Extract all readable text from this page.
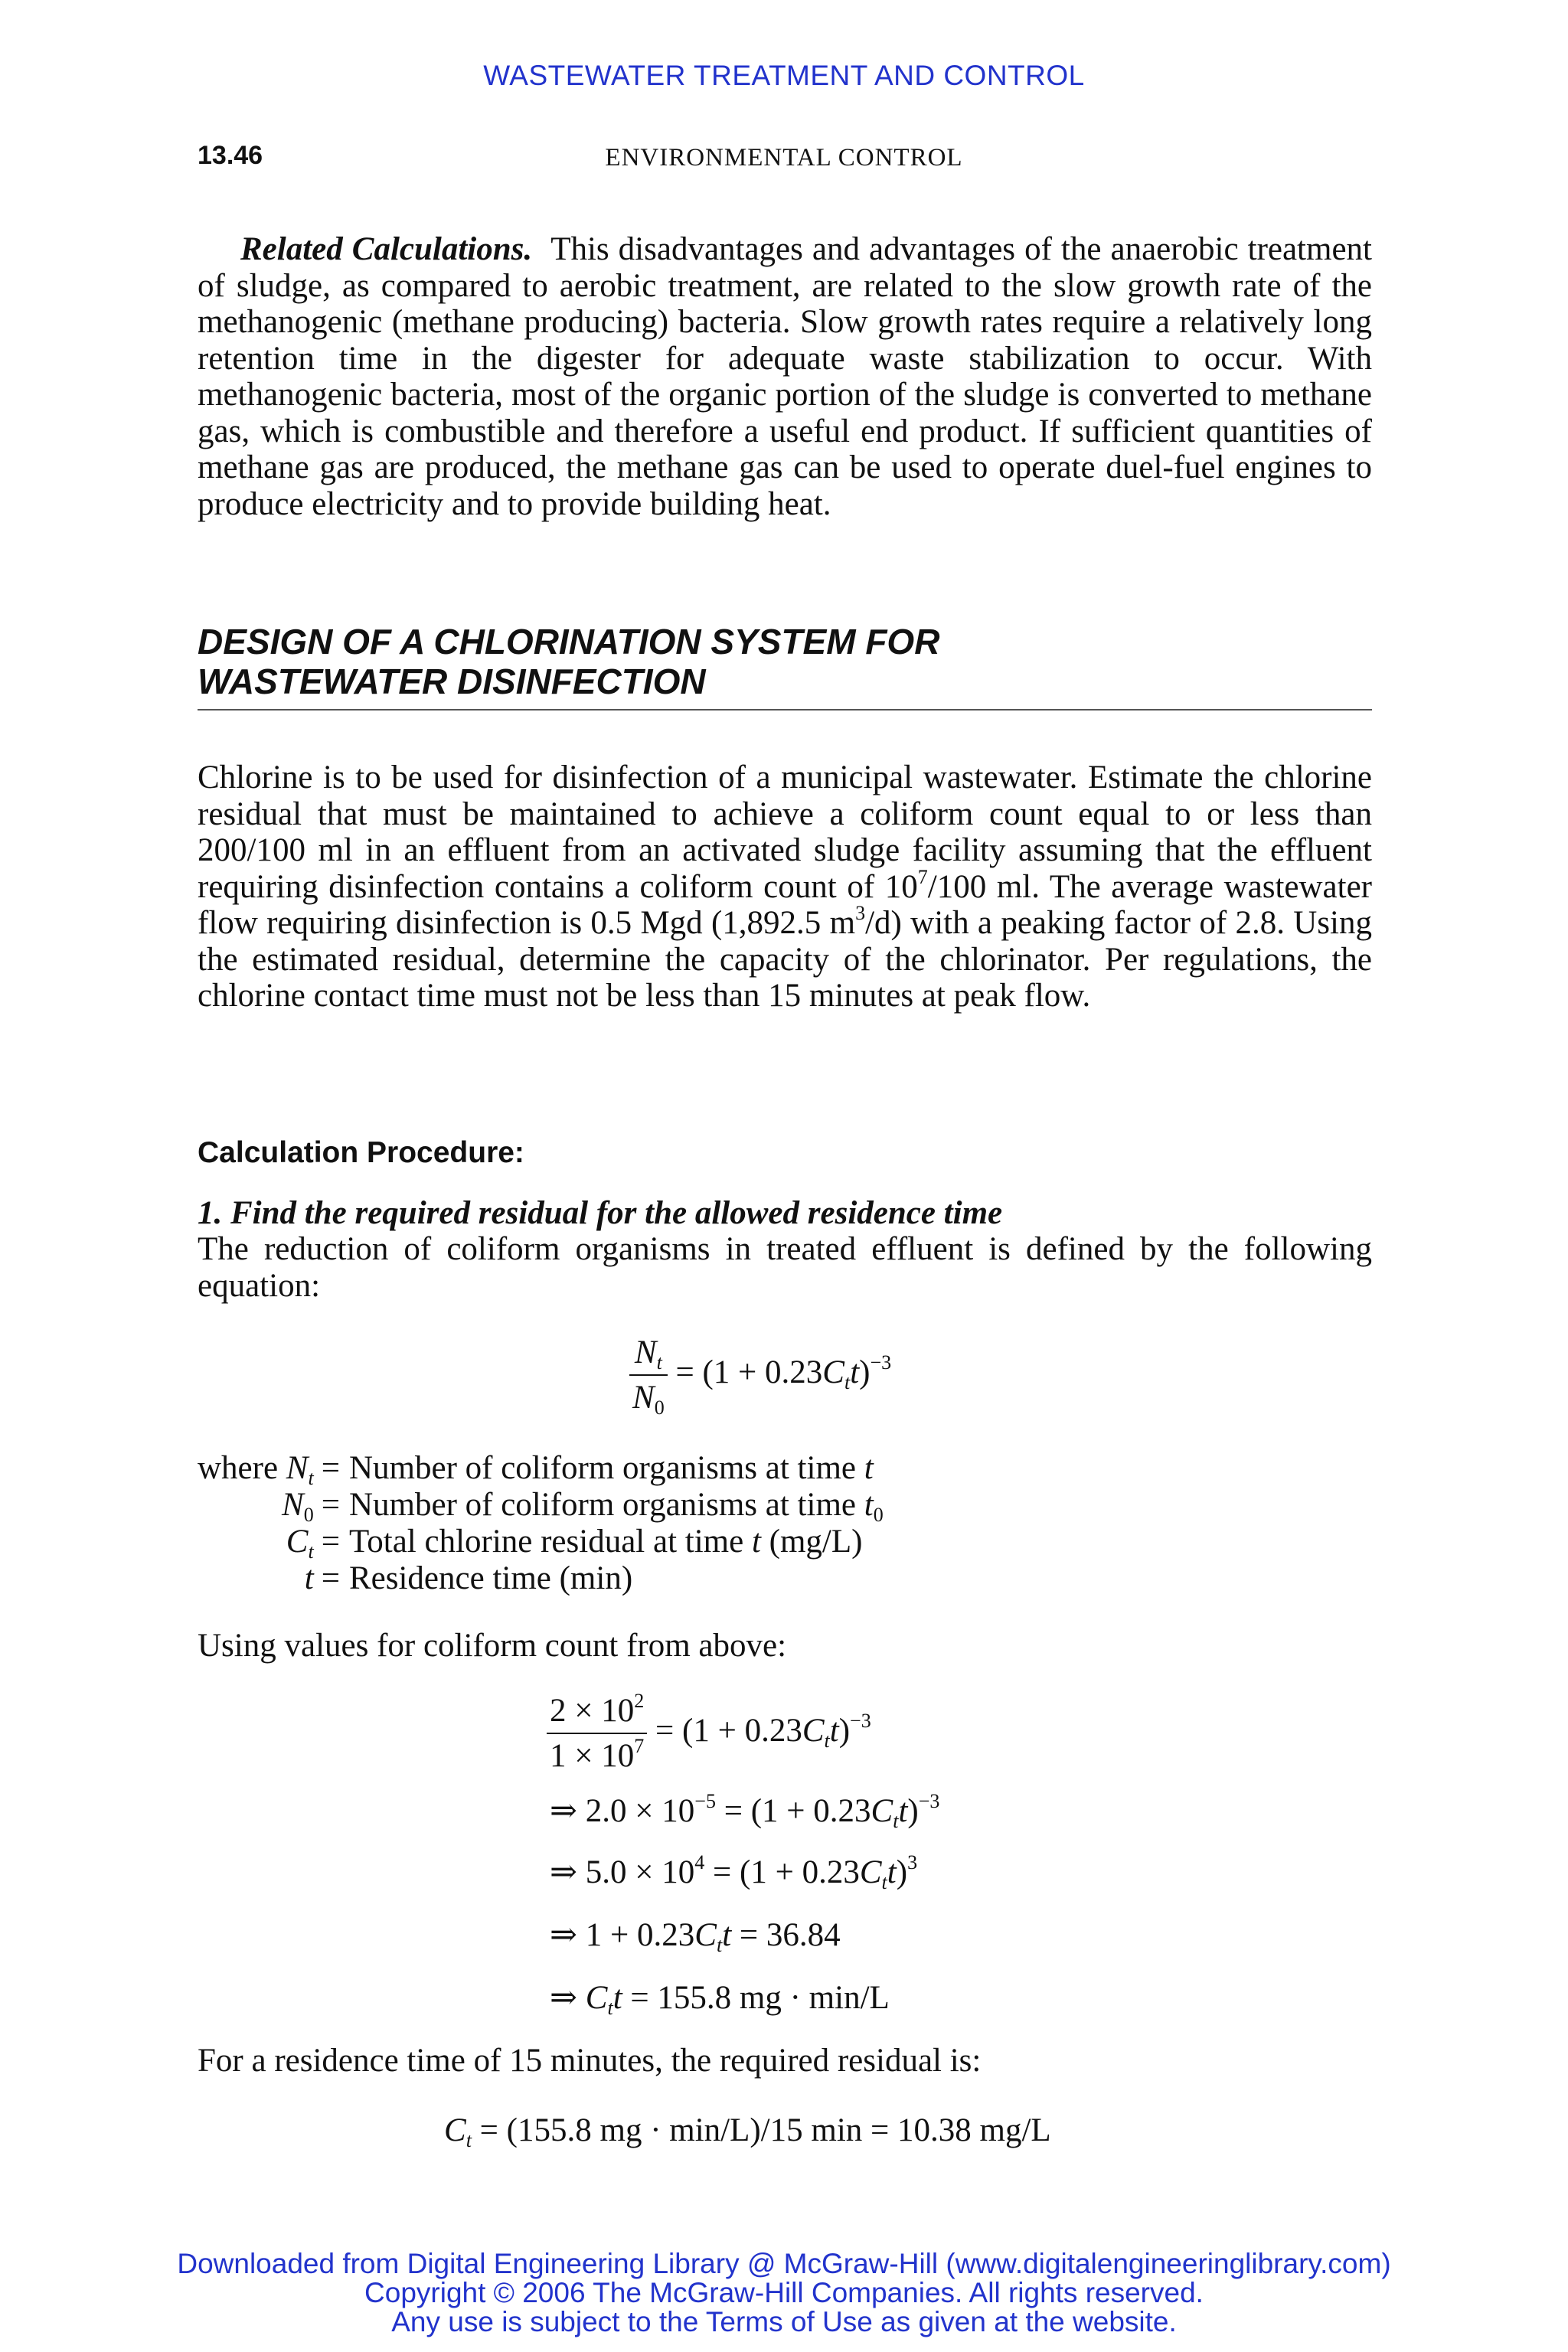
WASTEWATER TREATMENT AND CONTROL
13.46	ENVIRONMENTAL CONTROL
Related Calculations. This disadvantages and advantages of the anaerobic treatment of sludge, as compared to aerobic treatment, are related to the slow growth rate of the methanogenic (methane producing) bacteria. Slow growth rates require a relatively long retention time in the digester for adequate waste stabilization to occur. With methanogenic bacteria, most of the organic portion of the sludge is converted to methane gas, which is combustible and therefore a useful end product. If sufficient quantities of methane gas are produced, the methane gas can be used to operate duel-fuel engines to produce electricity and to provide building heat.
DESIGN OF A CHLORINATION SYSTEM FOR
WASTEWATER DISINFECTION
Chlorine is to be used for disinfection of a municipal wastewater. Estimate the chlorine residual that must be maintained to achieve a coliform count equal to or less than 200/100 ml in an effluent from an activated sludge facility assuming that the effluent requiring disinfection contains a coliform count of $10^7/100$ ml. The average wastewater flow requiring disinfection is 0.5 Mgd (1,892.5 $m^3/d$) with a peaking factor of 2.8. Using the estimated residual, determine the capacity of the chlorinator. Per regulations, the chlorine contact time must not be less than 15 minutes at peak flow.
Calculation Procedure:
1. Find the required residual for the allowed residence time
The reduction of coliform organisms in treated effluent is defined by the following equation:
$\frac{N_t}{N_0} = (1 + 0.23C_tt)^{-3}$
where $N_t$	=	Number of coliform organisms at time t
$N_0$	=	Number of coliform organisms at time $t_0$
$C_t$	=	Total chlorine residual at time t (mg/L)
t	=	Residence time (min)
Using values for coliform count from above:
$\frac{2 \times 10^2}{1 \times 10^7} = (1 + 0.23C_tt)^{-3}$
⇒ $2.0 \times 10^{-5} = (1 + 0.23C_tt)^{-3}$
⇒ $5.0 \times 10^4 = (1 + 0.23C_tt)^3$
⇒ $1 + 0.23C_tt = 36.84$
⇒ $C_tt = 155.8$ mg · min/L
For a residence time of 15 minutes, the required residual is:
$C_t = (155.8$ mg · min/L)/15 min = 10.38 mg/L
Downloaded from Digital Engineering Library @ McGraw-Hill (www.digitalengineeringlibrary.com)
Copyright © 2006 The McGraw-Hill Companies. All rights reserved.
Any use is subject to the Terms of Use as given at the website.
